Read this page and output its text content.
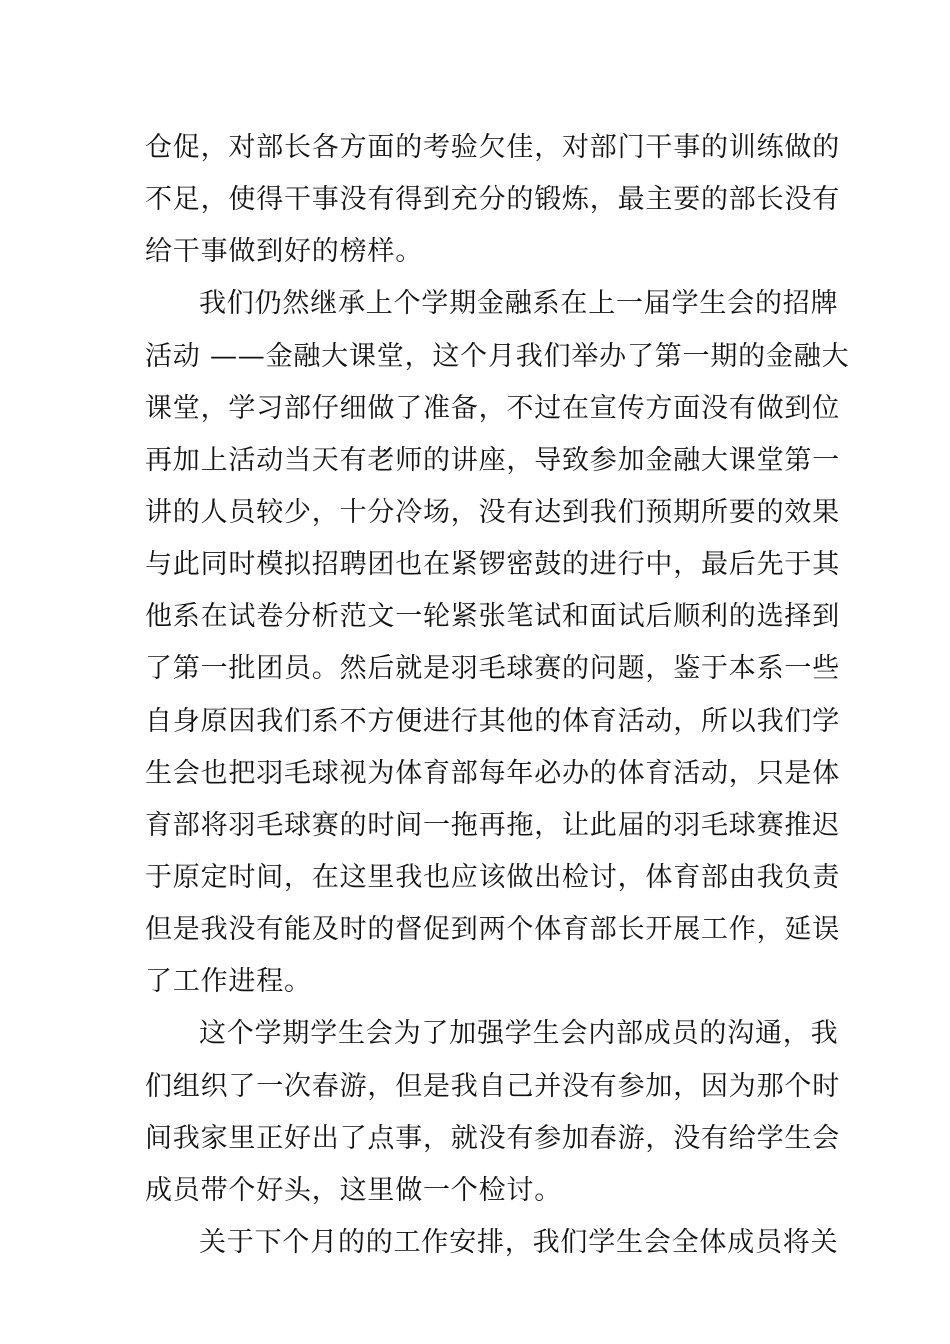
仓促，对部长各方面的考验欠佳，对部门干事的训练做的
不足，使得干事没有得到充分的锻炼，最主要的部长没有
给干事做到好的榜样。
我们仍然继承上个学期金融系在上一届学生会的招牌
活动 ——金融大课堂，这个月我们举办了第一期的金融大
课堂，学习部仔细做了准备，不过在宣传方面没有做到位
再加上活动当天有老师的讲座，导致参加金融大课堂第一
讲的人员较少，十分冷场，没有达到我们预期所要的效果
与此同时模拟招聘团也在紧锣密鼓的进行中，最后先于其
他系在试卷分析范文一轮紧张笔试和面试后顺利的选择到
了第一批团员。然后就是羽毛球赛的问题，鉴于本系一些
自身原因我们系不方便进行其他的体育活动，所以我们学
生会也把羽毛球视为体育部每年必办的体育活动，只是体
育部将羽毛球赛的时间一拖再拖，让此届的羽毛球赛推迟
于原定时间，在这里我也应该做出检讨，体育部由我负责
但是我没有能及时的督促到两个体育部长开展工作，延误
了工作进程。
这个学期学生会为了加强学生会内部成员的沟通，我
们组织了一次春游，但是我自己并没有参加，因为那个时
间我家里正好出了点事，就没有参加春游，没有给学生会
成员带个好头，这里做一个检讨。
关于下个月的的工作安排，我们学生会全体成员将关
